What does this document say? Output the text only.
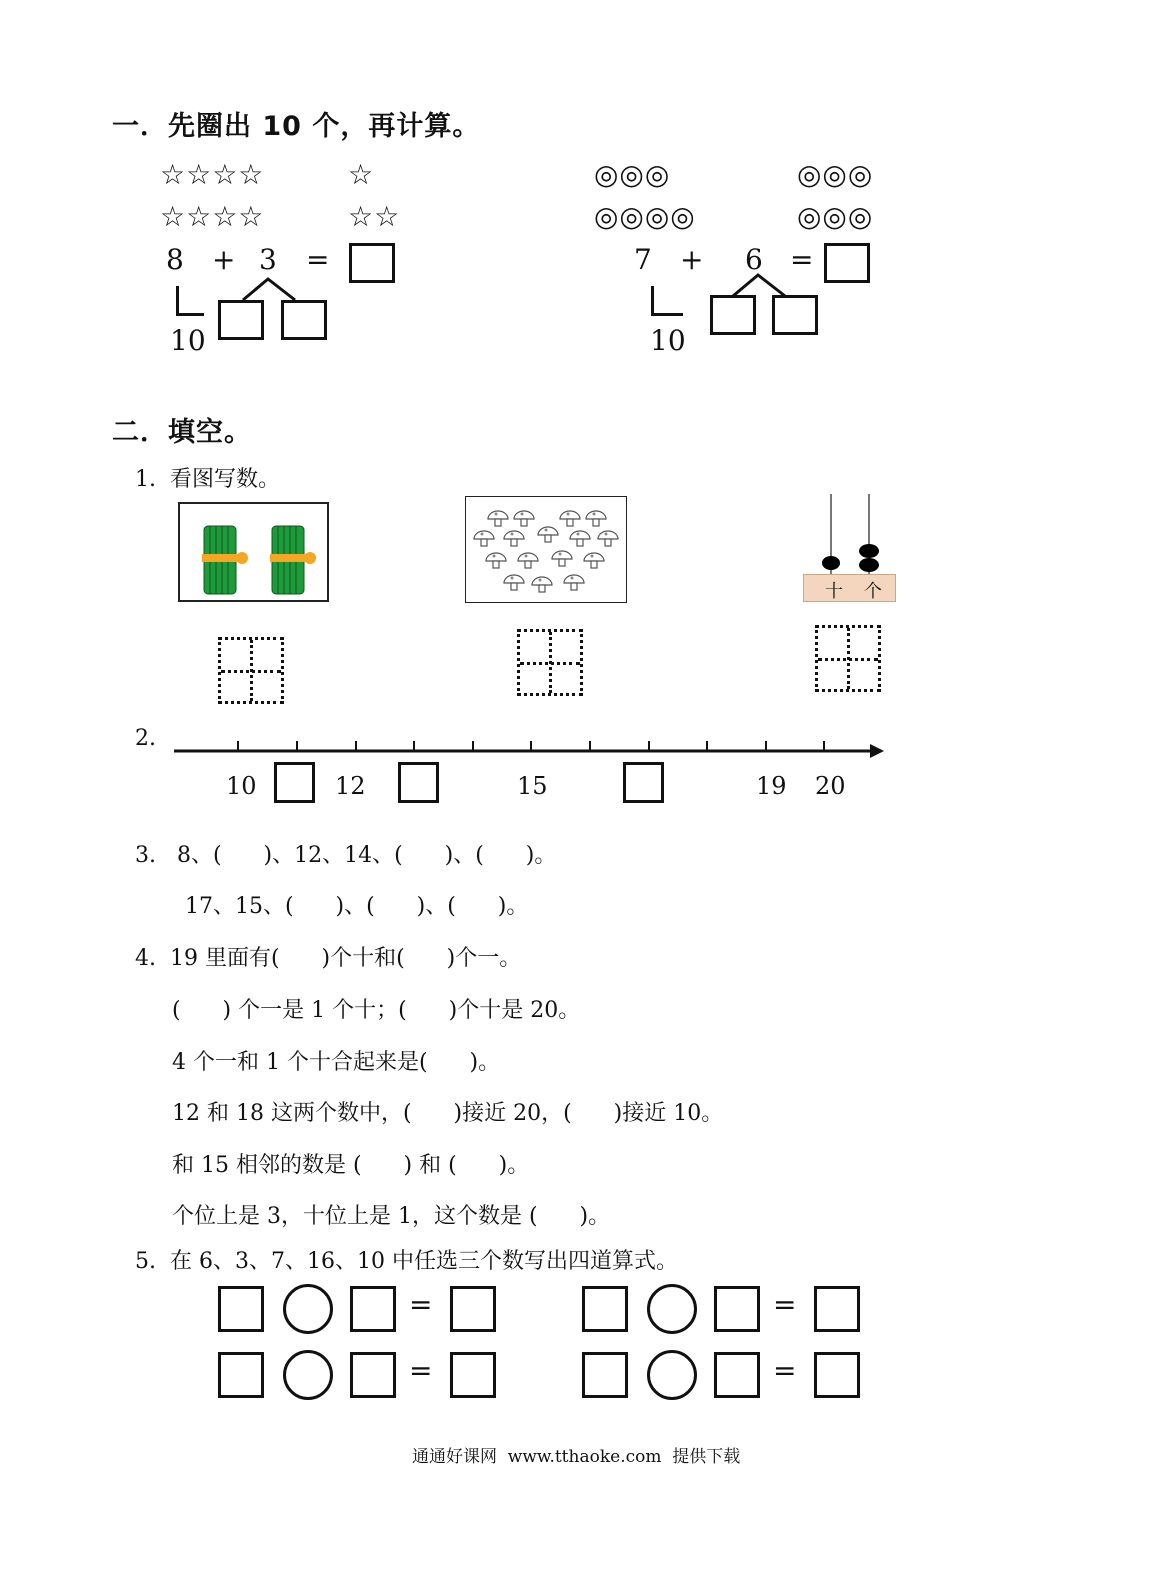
一．先圈出 10 个，再计算。
☆☆☆☆	☆
☆☆☆☆	☆☆
8 + 3 =
10
◎◎◎	◎◎◎
◎◎◎◎	◎◎◎
7 + 6 =
10
二．填空。
1.  看图写数。
十 个
2.
10	12	15	19 20
3.   8、(      )、12、14、(      )、(      )。
17、15、(      )、(      )、(      )。
4.  19 里面有(      )个十和(      )个一。
(      ) 个一是 1 个十；(      )个十是 20。
4 个一和 1 个十合起来是(      )。
12 和 18 这两个数中，(      )接近 20，(      )接近 10。
和 15 相邻的数是 (      ) 和 (      )。
个位上是 3，十位上是 1，这个数是 (      )。
5.  在 6、3、7、16、10 中任选三个数写出四道算式。
=	=
=	=
通通好课网  www.tthaoke.com  提供下载
